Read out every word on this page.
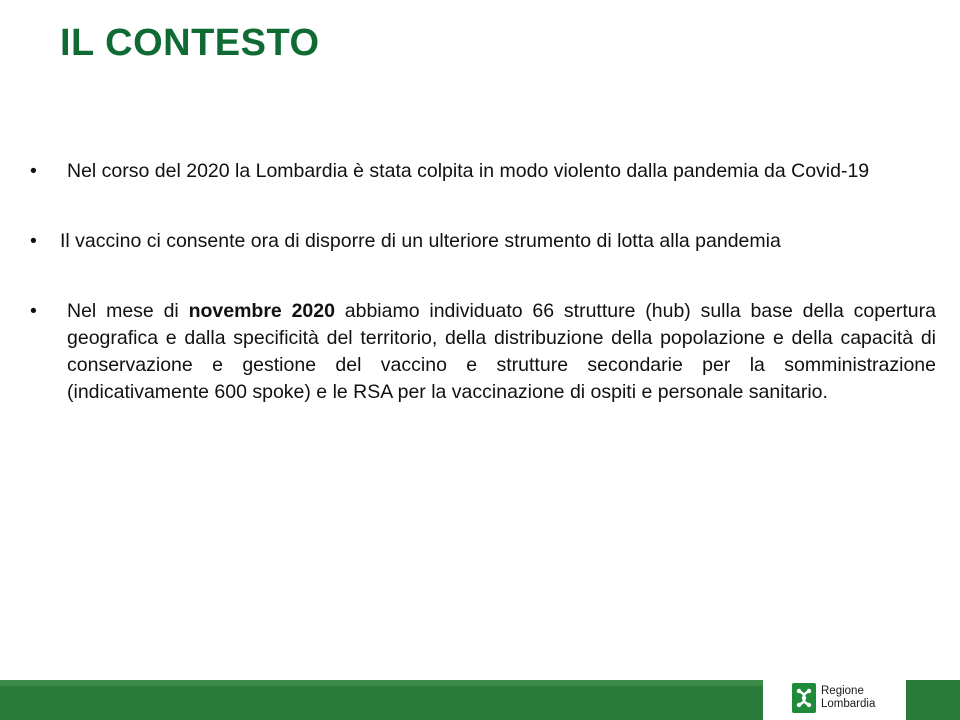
IL CONTESTO
•	Nel corso del 2020 la Lombardia è stata colpita in modo violento dalla pandemia da Covid-19
•	Il vaccino ci consente ora di disporre di un ulteriore strumento di lotta alla pandemia
•	Nel mese di novembre 2020 abbiamo individuato 66 strutture (hub) sulla base della copertura geografica e dalla specificità del territorio, della distribuzione della popolazione e della capacità di conservazione e gestione del vaccino e strutture secondarie per la somministrazione (indicativamente 600 spoke) e le RSA per la vaccinazione di ospiti e personale sanitario.
Regione
Lombardia
